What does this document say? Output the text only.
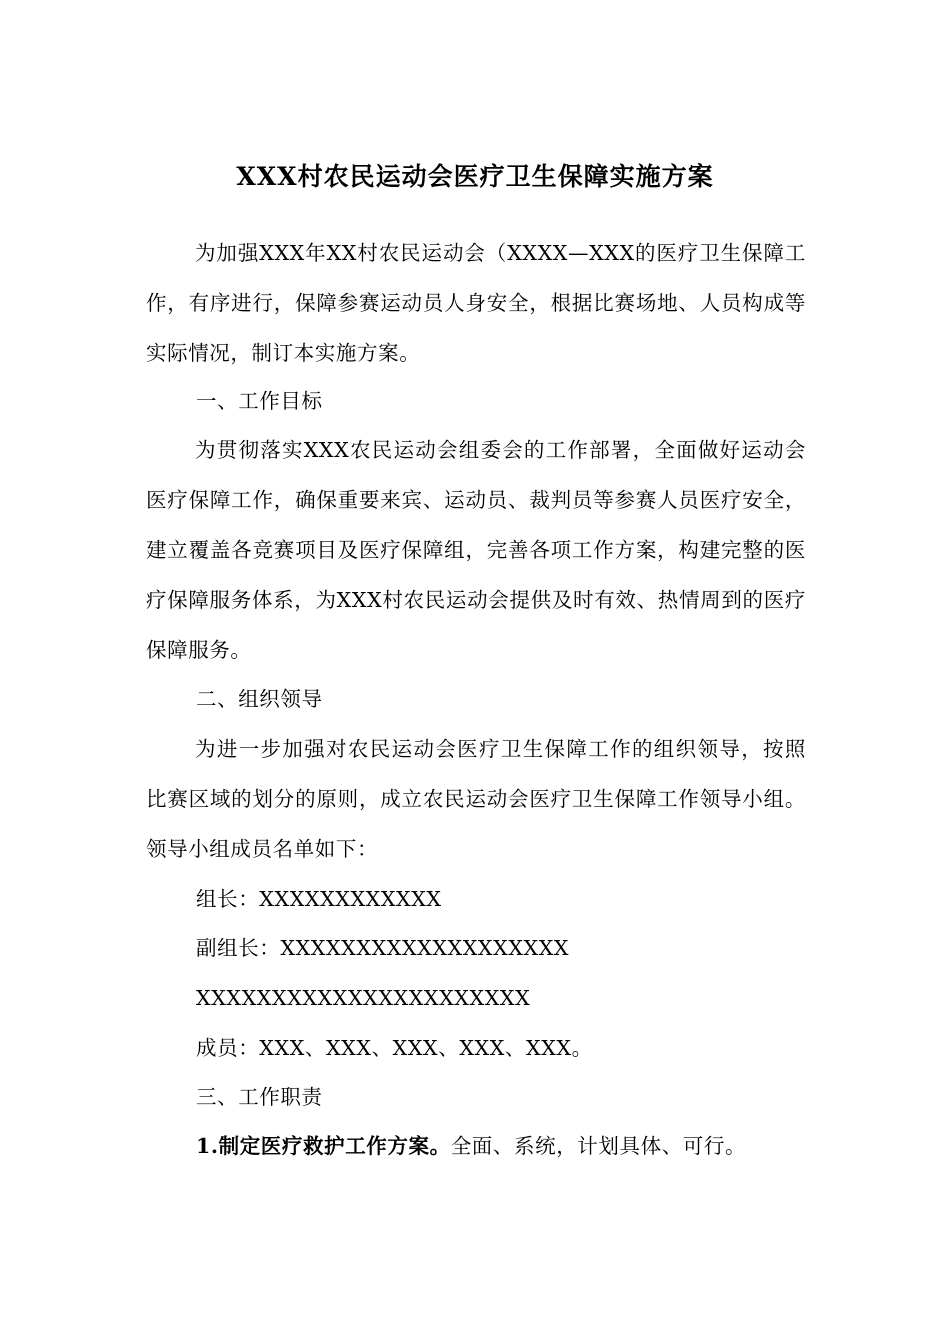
XXX村农民运动会医疗卫生保障实施方案
为加强XXX年XX村农民运动会（XXXX—XXX的医疗卫生保障工作，有序进行，保障参赛运动员人身安全，根据比赛场地、人员构成等实际情况，制订本实施方案。
一、工作目标
为贯彻落实XXX农民运动会组委会的工作部署，全面做好运动会医疗保障工作，确保重要来宾、运动员、裁判员等参赛人员医疗安全，建立覆盖各竞赛项目及医疗保障组，完善各项工作方案，构建完整的医疗保障服务体系，为XXX村农民运动会提供及时有效、热情周到的医疗保障服务。
二、组织领导
为进一步加强对农民运动会医疗卫生保障工作的组织领导，按照比赛区域的划分的原则，成立农民运动会医疗卫生保障工作领导小组。领导小组成员名单如下：
组长：XXXXXXXXXXXX
副组长：XXXXXXXXXXXXXXXXXXX
XXXXXXXXXXXXXXXXXXXXXX
成员：XXX、XXX、XXX、XXX、XXX。
三、工作职责
1.制定医疗救护工作方案。全面、系统，计划具体、可行。
